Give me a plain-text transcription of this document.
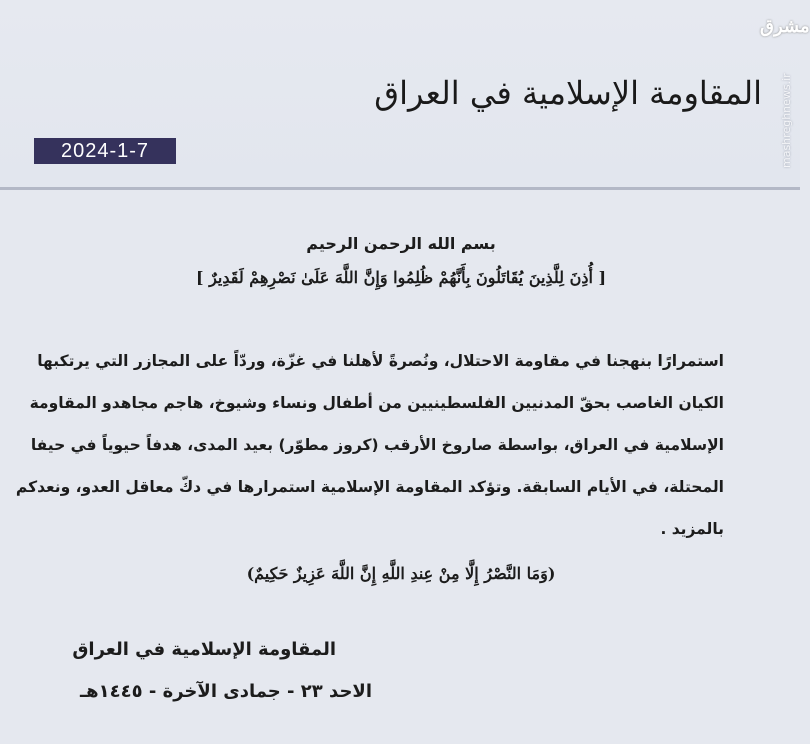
مشرق
mashreghnews.ir
المقاومة الإسلامية في العراق
2024-1-7
بسم الله الرحمن الرحيم
[ أُذِنَ لِلَّذِينَ يُقَاتَلُونَ بِأَنَّهُمْ ظُلِمُوا وَإِنَّ اللَّهَ عَلَىٰ نَصْرِهِمْ لَقَدِيرٌ ]
استمرارًا بنهجنا في مقاومة الاحتلال، ونُصرةً لأهلنا في غزّة، وردّاً على المجازر التي يرتكبها
الكيان الغاصب بحقّ المدنيين الفلسطينيين من أطفال ونساء وشيوخ، هاجم مجاهدو المقاومة
الإسلامية في العراق، بواسطة صاروخ الأرقب (كروز مطوّر) بعيد المدى، هدفاً حيوياً في حيفا
المحتلة، في الأيام السابقة. وتؤكد المقاومة الإسلامية استمرارها في دكّ معاقل العدو، ونعدكم
بالمزيد .
(وَمَا النَّصْرُ إِلَّا مِنْ عِندِ اللَّهِ إِنَّ اللَّهَ عَزِيزٌ حَكِيمٌ)
المقاومة الإسلامية في العراق
الاحد ٢٣ - جمادى الآخرة - ١٤٤٥هـ
